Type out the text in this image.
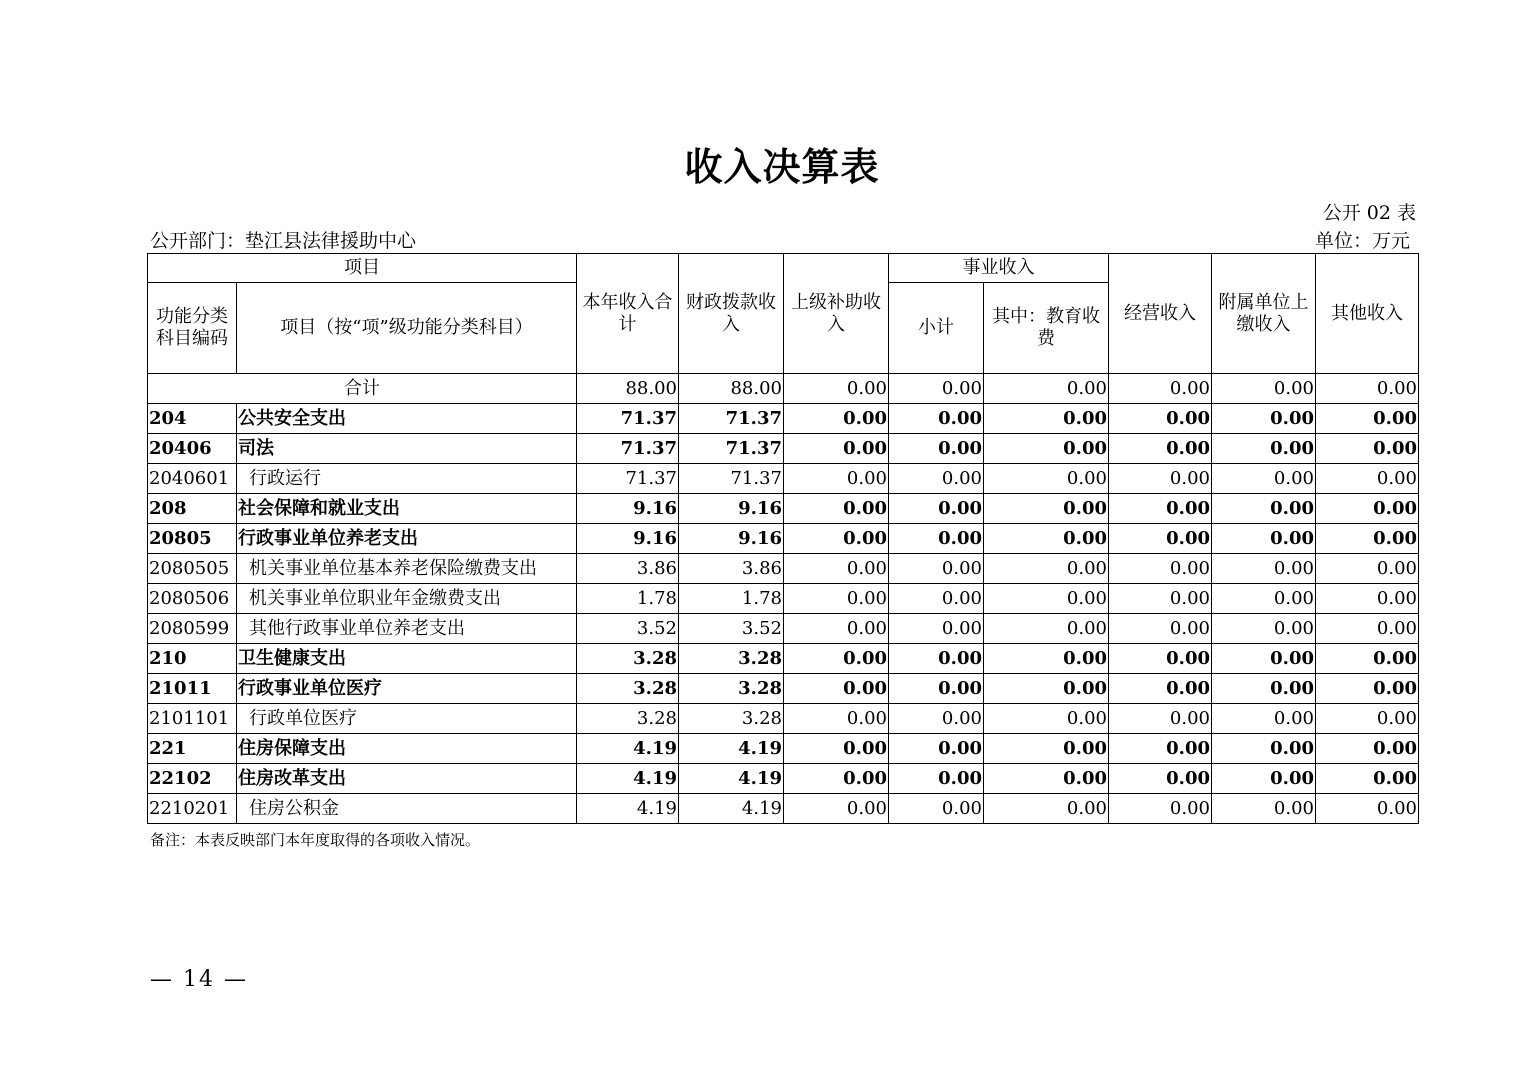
收入决算表
公开 02 表
公开部门：垫江县法律援助中心	单位：万元
项目		本年收入合计	财政拨款收入	上级补助收入	事业收入		经营收入	附属单位上缴收入	其他收入
功能分类科目编码	项目（按“项”级功能分类科目）				小计	其中：教育收费			
合计		88.00	88.00	0.00	0.00	0.00	0.00	0.00	0.00
204	公共安全支出	71.37	71.37	0.00	0.00	0.00	0.00	0.00	0.00
20406	司法	71.37	71.37	0.00	0.00	0.00	0.00	0.00	0.00
2040601	行政运行	71.37	71.37	0.00	0.00	0.00	0.00	0.00	0.00
208	社会保障和就业支出	9.16	9.16	0.00	0.00	0.00	0.00	0.00	0.00
20805	行政事业单位养老支出	9.16	9.16	0.00	0.00	0.00	0.00	0.00	0.00
2080505	机关事业单位基本养老保险缴费支出	3.86	3.86	0.00	0.00	0.00	0.00	0.00	0.00
2080506	机关事业单位职业年金缴费支出	1.78	1.78	0.00	0.00	0.00	0.00	0.00	0.00
2080599	其他行政事业单位养老支出	3.52	3.52	0.00	0.00	0.00	0.00	0.00	0.00
210	卫生健康支出	3.28	3.28	0.00	0.00	0.00	0.00	0.00	0.00
21011	行政事业单位医疗	3.28	3.28	0.00	0.00	0.00	0.00	0.00	0.00
2101101	行政单位医疗	3.28	3.28	0.00	0.00	0.00	0.00	0.00	0.00
221	住房保障支出	4.19	4.19	0.00	0.00	0.00	0.00	0.00	0.00
22102	住房改革支出	4.19	4.19	0.00	0.00	0.00	0.00	0.00	0.00
2210201	住房公积金	4.19	4.19	0.00	0.00	0.00	0.00	0.00	0.00
备注：本表反映部门本年度取得的各项收入情况。
— 14 —
